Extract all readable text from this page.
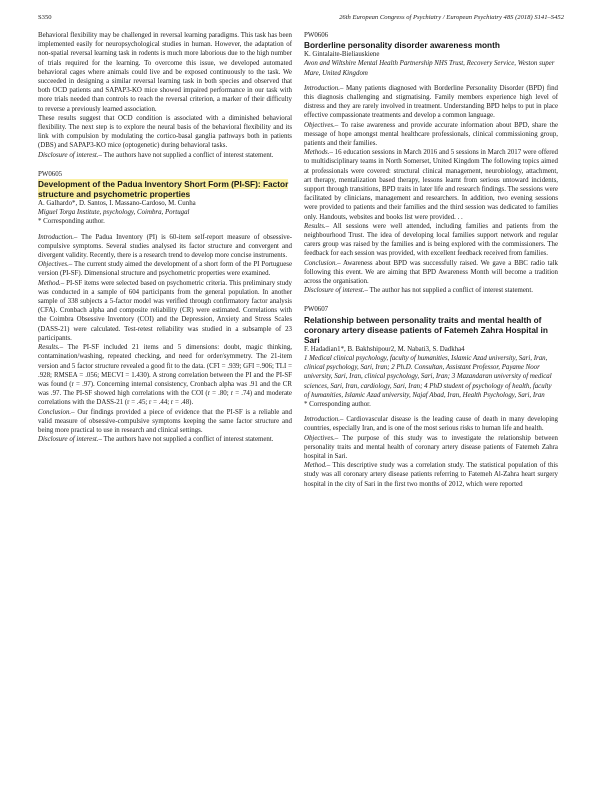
S350	26th European Congress of Psychiatry / European Psychiatry 48S (2018) S141–S452

Behavioral flexibility may be challenged in reversal learning paradigms. This task has been implemented easily for neuropsychological studies in human. However, the adaptation of non-spatial reversal learning task in rodents is much more laborious due to the high number of trials required for the learning. To overcome this issue, we developed automated behavioral cages where animals could live and be exposed continuously to the task. We succeeded in designing a similar reversal learning task in both species and observed that both OCD patients and SAPAP3-KO mice showed impaired performance in our task with more trials needed than controls to reach the reversal criterion, a marker of their difficulty to reverse a previously learned association.

These results suggest that OCD condition is associated with a diminished behavioral flexibility. The next step is to explore the neural basis of the behavioral flexibility and its link with compulsion by modulating the cortico-basal ganglia pathways both in patients (DBS) and SAPAP3-KO mice (optogenetic) during behavioral tasks.

Disclosure of interest.– The authors have not supplied a conflict of interest statement.

PW0605

Development of the Padua Inventory Short Form (PI-SF): Factor structure and psychometric properties

A. Galhardo*, D. Santos, I. Massano-Cardoso, M. Cunha

Miguel Torga Institute, psychology, Coimbra, Portugal

* Corresponding author.

Introduction.– The Padua Inventory (PI) is 60-item self-report measure of obsessive-compulsive symptoms. Several studies analysed its factor structure and convergent and divergent validity. Recently, there is a research trend to develop more concise instruments.

Objectives.– The current study aimed the development of a short form of the PI Portuguese version (PI-SF). Dimensional structure and psychometric properties were examined.

Method.– PI-SF items were selected based on psychometric criteria. This preliminary study was conducted in a sample of 604 participants from the general population. In another sample of 338 subjects a 5-factor model was verified through confirmatory factor analysis (CFA). Cronbach alpha and composite reliability (CR) were estimated. Correlations with the Coimbra Obsessive Inventory (COI) and the Depression, Anxiety and Stress Scales (DASS-21) were calculated. Test-retest reliability was studied in a subsample of 23 participants.

Results.– The PI-SF included 21 items and 5 dimensions: doubt, magic thinking, contamination/washing, repeated checking, and need for order/symmetry. The 21-item version and 5 factor structure revealed a good fit to the data. (CFI = .939; GFI =.906; TLI = .928; RMSEA = .056; MECVI = 1.430). A strong correlation between the PI and the PI-SF was found (r = .97). Concerning internal consistency, Cronbach alpha was .91 and the CR was .97. The PI-SF showed high correlations with the COI (r = .80; r = .74) and moderate correlations with the DASS-21 (r = .45; r = .44; r = .48).

Conclusion.– Our findings provided a piece of evidence that the PI-SF is a reliable and valid measure of obsessive-compulsive symptoms keeping the same factor structure and being more practical to use in research and clinical settings.

Disclosure of interest.– The authors have not supplied a conflict of interest statement.

PW0606

Borderline personality disorder awareness month

K. Gintalaite-Bieliauskiene

Avon and Wiltshire Mental Health Partnership NHS Trust, Recovery Service, Weston super Mare, United Kingdom

Introduction.– Many patients diagnosed with Borderline Personality Disorder (BPD) find this diagnosis challenging and stigmatising. Family members experience high level of distress and they are rarely involved in treatment. Understanding BPD helps to put in place effective compassionate treatments and develop a common language.

Objectives.– To raise awareness and provide accurate information about BPD, share the message of hope amongst mental healthcare professionals, clinical commissioning group, patients and their families.

Methods.– 16 education sessions in March 2016 and 5 sessions in March 2017 were offered to multidisciplinary teams in North Somerset, United Kingdom The following topics aimed at professionals were covered: structural clinical management, neurobiology, attachment, art therapy, mentalization based therapy, lessons learnt from serious untoward incidents, support through transitions, BPD traits in later life and research findings. The sessions were facilitated by clinicians, management and researchers. In addition, two evening sessions were provided to patients and their families and the third session was dedicated to families only. Handouts, websites and books list were provided. . .

Results.– All sessions were well attended, including families and patients from the neighbourhood Trust. The idea of developing local families support network and regular carers group was raised by the families and is being explored with the commissioners. The feedback for each session was provided, with excellent feedback received from families.

Conclusion.– Awareness about BPD was successfully raised. We gave a BBC radio talk following this event. We are aiming that BPD Awareness Month will become a tradition across the organisation.

Disclosure of interest.– The author has not supplied a conflict of interest statement.

PW0607

Relationship between personality traits and mental health of coronary artery disease patients of Fatemeh Zahra Hospital in Sari

F. Hadadian1*, B. Bakhshipour2, M. Nabati3, S. Dadkha4

1 Medical clinical psychology, faculty of humanities, Islamic Azad university, Sari, Iran, clinical psychology, Sari, Iran; 2 Ph.D. Consultan, Assistant Professor, Payame Noor university, Sari, Iran, clinical psychology, Sari, Iran; 3 Mazandaran university of medical sciences, Sari, Iran, cardiology, Sari, Iran; 4 PhD student of psychology of health, faculty of humanities, Islamic Azad university, Najaf Abad, Iran, Health Psychology, Sari, Iran

* Corresponding author.

Introduction.– Cardiovascular disease is the leading cause of death in many developing countries, especially Iran, and is one of the most serious risks to human life and health.

Objectives.– The purpose of this study was to investigate the relationship between personality traits and mental health of coronary artery disease patients of Fatemeh Zahra hospital in Sari.

Method.– This descriptive study was a correlation study. The statistical population of this study was all coronary artery disease patients referring to Fatemeh Al-Zahra heart surgery hospital in the city of Sari in the first two months of 2012, which were reported
